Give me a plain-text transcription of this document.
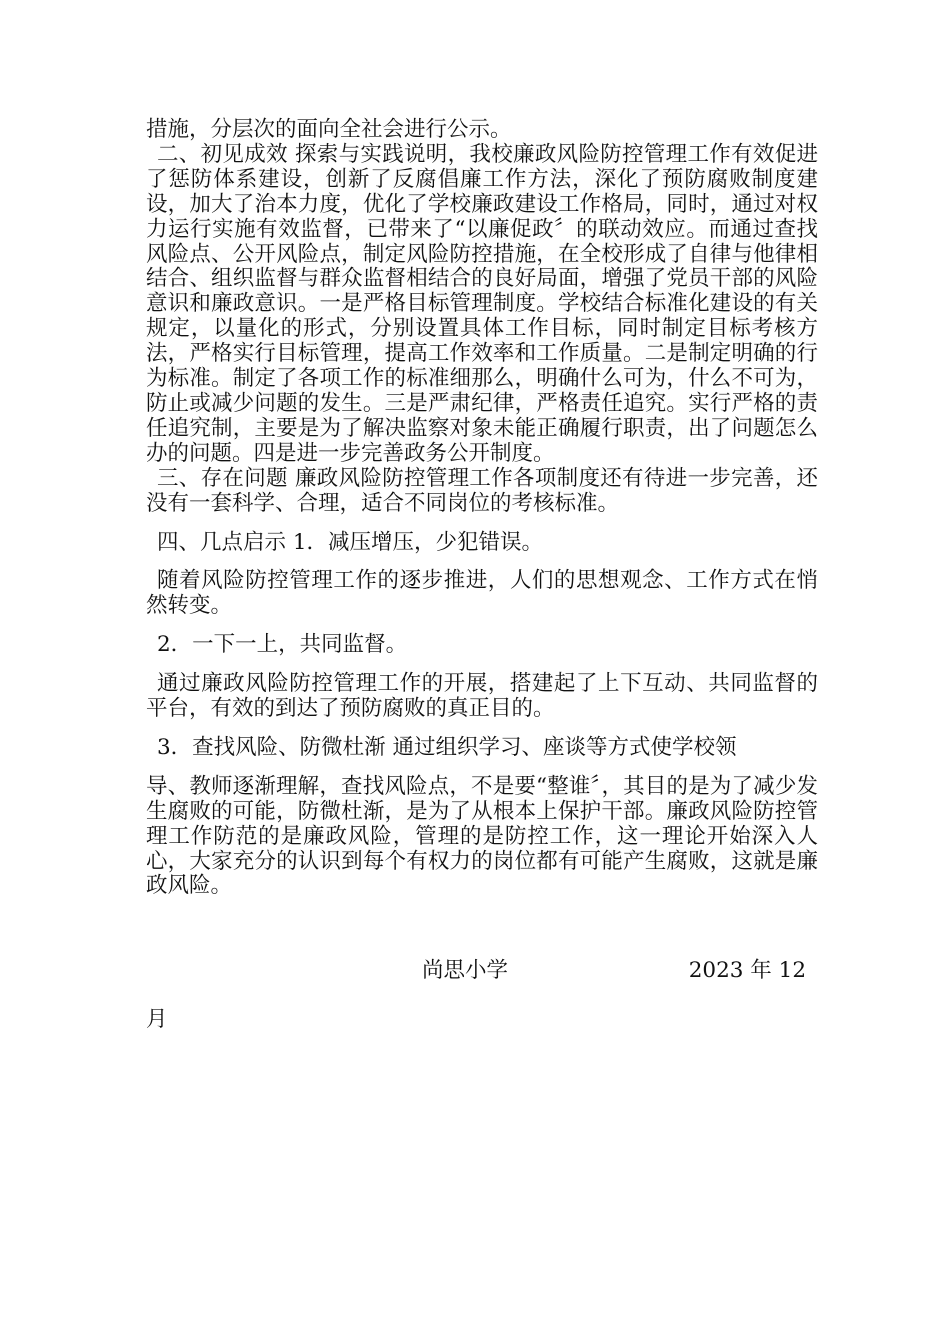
措施，分层次的面向全社会进行公示。

二、初见成效 探索与实践说明，我校廉政风险防控管理工作有效促进了惩防体系建设，创新了反腐倡廉工作方法，深化了预防腐败制度建设，加大了治本力度，优化了学校廉政建设工作格局，同时，通过对权力运行实施有效监督，已带来了“以廉促政〞的联动效应。而通过查找风险点、公开风险点，制定风险防控措施，在全校形成了自律与他律相结合、组织监督与群众监督相结合的良好局面，增强了党员干部的风险意识和廉政意识。一是严格目标管理制度。学校结合标准化建设的有关规定，以量化的形式，分别设置具体工作目标，同时制定目标考核方法，严格实行目标管理，提高工作效率和工作质量。二是制定明确的行为标准。制定了各项工作的标准细那么，明确什么可为，什么不可为，防止或减少问题的发生。三是严肃纪律，严格责任追究。实行严格的责任追究制，主要是为了解决监察对象未能正确履行职责，出了问题怎么办的问题。四是进一步完善政务公开制度。

三、存在问题 廉政风险防控管理工作各项制度还有待进一步完善，还没有一套科学、合理，适合不同岗位的考核标准。

四、几点启示 1．减压增压，少犯错误。

随着风险防控管理工作的逐步推进，人们的思想观念、工作方式在悄然转变。

2．一下一上，共同监督。

通过廉政风险防控管理工作的开展，搭建起了上下互动、共同监督的平台，有效的到达了预防腐败的真正目的。

3．查找风险、防微杜渐 通过组织学习、座谈等方式使学校领

导、教师逐渐理解，查找风险点，不是要“整谁〞，其目的是为了减少发生腐败的可能，防微杜渐，是为了从根本上保护干部。廉政风险防控管理工作防范的是廉政风险，管理的是防控工作，这一理论开始深入人心，大家充分的认识到每个有权力的岗位都有可能产生腐败，这就是廉政风险。

尚思小学	2023 年 12
月
